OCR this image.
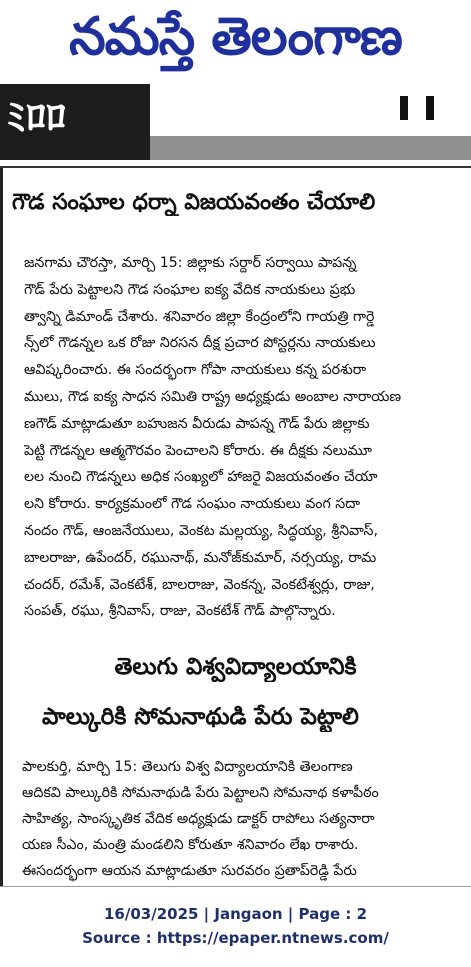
నమస్తే తెలంగాణ
ﾐﾛﾛ
గౌడ సంఘాల ధర్నా విజయవంతం చేయాలి
జనగామ చౌరస్తా, మార్చి 15: జిల్లాకు సర్దార్ సర్వాయి పాపన్న
గౌడ్ పేరు పెట్టాలని గౌడ సంఘాల ఐక్య వేదిక నాయకులు ప్రభు
త్వాన్ని డిమాండ్ చేశారు. శనివారం జిల్లా కేంద్రంలోని గాయత్రి గార్డె
న్స్‌లో గౌడన్నల ఒక రోజు నిరసన దీక్ష ప్రచార పోస్టర్లను నాయకులు
ఆవిష్కరించారు. ఈ సందర్భంగా గోపా నాయకులు కన్న పరశురా
ములు, గౌడ ఐక్య సాధన సమితి రాష్ట్ర అధ్యక్షుడు అంబాల నారాయణ
ణగౌడ్ మాట్లాడుతూ బహుజన వీరుడు పాపన్న గౌడ్ పేరు జిల్లాకు
పెట్టి గౌడన్నల ఆత్మగౌరవం పెంచాలని కోరారు. ఈ దీక్షకు నలుమూ
లల నుంచి గౌడన్నలు అధిక సంఖ్యలో హాజరై విజయవంతం చేయా
లని కోరారు. కార్యక్రమంలో గౌడ సంఘం నాయకులు వంగ సదా
నందం గౌడ్, ఆంజనేయులు, వెంకట మల్లయ్య, సిద్ధయ్య, శ్రీనివాస్,
బాలరాజు, ఉపేందర్, రఘునాథ్, మనోజ్‌కుమార్, నర్సయ్య, రామ
చందర్, రమేశ్, వెంకటేశ్, బాలరాజు, వెంకన్న, వెంకటేశ్వర్లు, రాజు,
సంపత్, రఘు, శ్రీనివాస్, రాజు, వెంకటేశ్ గౌడ్ పాల్గొన్నారు.
తెలుగు విశ్వవిద్యాలయానికి
పాల్కురికి సోమనాథుడి పేరు పెట్టాలి
పాలకుర్తి, మార్చి 15: తెలుగు విశ్వ విద్యాలయానికి తెలంగాణ
ఆదికవి పాల్కురికి సోమనాథుడి పేరు పెట్టాలని సోమనాథ కళాపీఠం
సాహిత్య, సాంస్కృతిక వేదిక అధ్యక్షుడు డాక్టర్ రాపోలు సత్యనారా
యణ సీఎం, మంత్రి మండలిని కోరుతూ శనివారం లేఖ రాశారు.
ఈసందర్భంగా ఆయన మాట్లాడుతూ సురవరం ప్రతాప్‌రెడ్డి పేరు
16/03/2025 | Jangaon | Page : 2
Source : https://epaper.ntnews.com/
